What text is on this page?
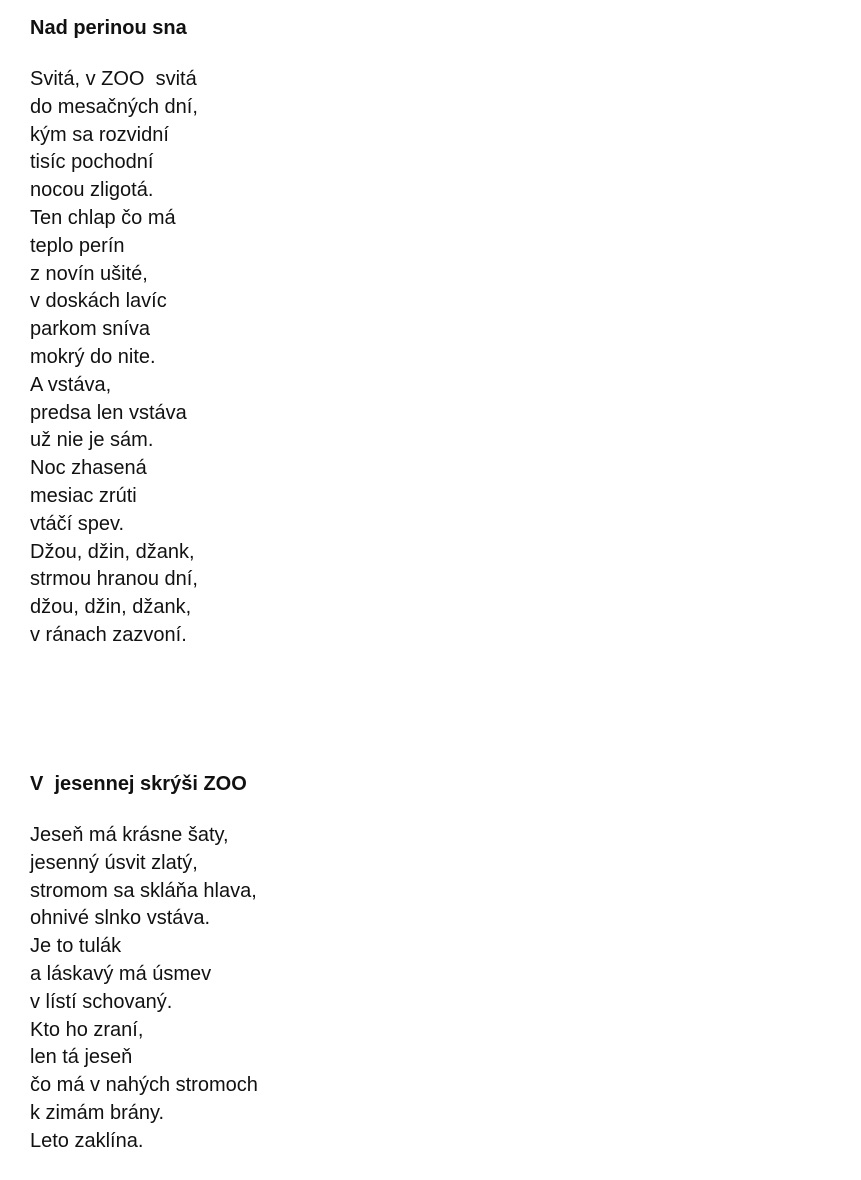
Nad perinou sna

Svitá, v ZOO  svitá

do mesačných dní,

kým sa rozvidní

tisíc pochodní

nocou zligotá.

Ten chlap čo má

teplo perín

z novín ušité,

v doskách lavíc

parkom sníva

mokrý do nite.

A vstáva,

predsa len vstáva

už nie je sám.

Noc zhasená

mesiac zrúti

vtáčí spev.

Džou, džin, džank,

strmou hranou dní,

džou, džin, džank,

v ránach zazvoní.

V  jesennej skrýši ZOO

Jeseň má krásne šaty,

jesenný úsvit zlatý,

stromom sa skláňa hlava,

ohnivé slnko vstáva.

Je to tulák

a láskavý má úsmev

v lístí schovaný.

Kto ho zraní,

len tá jeseň

čo má v nahých stromoch

k zimám brány.

Leto zaklína.
